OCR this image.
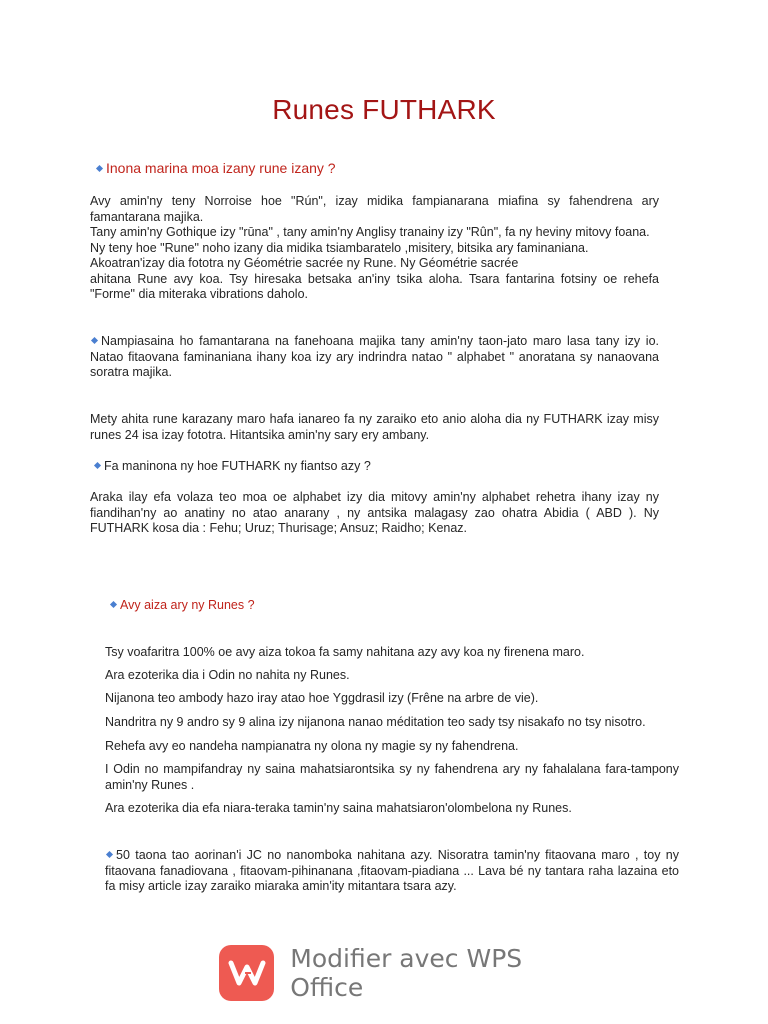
Runes FUTHARK
Inona marina moa izany rune izany ?

Avy amin'ny teny Norroise hoe "Rún", izay midika fampianarana miafina sy fahendrena ary famantarana majika.

Tany amin'ny Gothique izy "rūna" , tany amin'ny Anglisy tranainy izy "Rûn", fa ny heviny mitovy foana.

Ny teny hoe "Rune" noho izany dia midika tsiambaratelo ,misitery, bitsika ary faminaniana.

Akoatran'izay dia fototra ny Géométrie sacrée ny Rune. Ny Géométrie sacrée

ahitana Rune avy koa. Tsy hiresaka betsaka an'iny tsika aloha. Tsara fantarina fotsiny oe rehefa "Forme" dia miteraka vibrations daholo.

Nampiasaina ho famantarana na fanehoana majika tany amin'ny taon-jato maro lasa tany izy io. Natao fitaovana faminaniana ihany koa izy ary indrindra natao " alphabet " anoratana sy nanaovana soratra majika.

Mety ahita rune karazany maro hafa ianareo fa ny zaraiko eto anio aloha dia ny FUTHARK izay misy runes 24 isa izay fototra. Hitantsika amin'ny sary ery ambany.

Fa maninona ny hoe FUTHARK ny fiantso azy ?

Araka ilay efa volaza teo moa oe alphabet izy dia mitovy amin'ny alphabet rehetra ihany izay ny fiandihan'ny ao anatiny no atao anarany , ny antsika malagasy zao ohatra Abidia ( ABD ). Ny FUTHARK kosa dia : Fehu; Uruz; Thurisage; Ansuz; Raidho; Kenaz.

Avy aiza ary ny Runes ?
Tsy voafaritra 100% oe avy aiza tokoa fa samy nahitana azy avy koa ny firenena maro.
Ara ezoterika dia i Odin no nahita ny Runes.
Nijanona teo ambody hazo iray atao hoe Yggdrasil izy (Frêne na arbre de vie).
Nandritra ny 9 andro sy 9 alina izy nijanona nanao méditation teo sady tsy nisakafo no tsy nisotro.
Rehefa avy eo nandeha nampianatra ny olona ny magie sy ny fahendrena.
I Odin no mampifandray ny saina mahatsiarontsika sy ny fahendrena ary ny fahalalana fara-tampony amin'ny Runes .
Ara ezoterika dia efa niara-teraka tamin'ny saina mahatsiaron'olombelona ny Runes.
50 taona tao aorinan'i JC no nanomboka nahitana azy. Nisoratra tamin'ny fitaovana maro , toy ny fitaovana fanadiovana , fitaovam-pihinanana ,fitaovam-piadiana ... Lava bé ny tantara raha lazaina eto fa misy article izay zaraiko miaraka amin'ity mitantara tsara azy.
Modifier avec WPS Office
